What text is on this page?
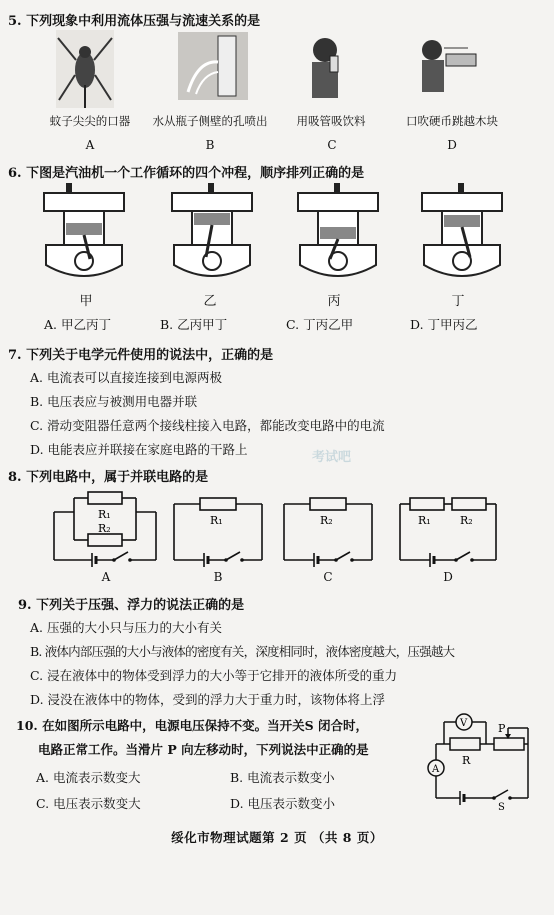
5. 下列现象中利用流体压强与流速关系的是
蚊子尖尖的口器	水从瓶子侧壁的孔喷出	用吸管吸饮料	口吹硬币跳越木块
A	B	C	D
6. 下图是汽油机一个工作循环的四个冲程，顺序排列正确的是
甲	乙	丙	丁
A. 甲乙丙丁	B. 乙丙甲丁	C. 丁丙乙甲	D. 丁甲丙乙
7. 下列关于电学元件使用的说法中，正确的是
A. 电流表可以直接连接到电源两极
B. 电压表应与被测用电器并联
C. 滑动变阻器任意两个接线柱接入电路，都能改变电路中的电流
D. 电能表应并联接在家庭电路的干路上
考试吧
8. 下列电路中，属于并联电路的是
R₁
R₂
R₁	R₂	R₁	R₂
A	B	C	D
9. 下列关于压强、浮力的说法正确的是
A. 压强的大小只与压力的大小有关
B. 液体内部压强的大小与液体的密度有关，深度相同时，液体密度越大，压强越大
C. 浸在液体中的物体受到浮力的大小等于它排开的液体所受的重力
D. 浸没在液体中的物体，受到的浮力大于重力时，该物体将上浮
10. 在如图所示电路中，电源电压保持不变。当开关S 闭合时，
电路正常工作。当滑片 P 向左移动时，下列说法中正确的是
A. 电流表示数变大	B. 电流表示数变小
C. 电压表示数变大	D. 电压表示数变小
V
A
R
P
S
绥化市物理试题第 2 页 （共 8 页）
